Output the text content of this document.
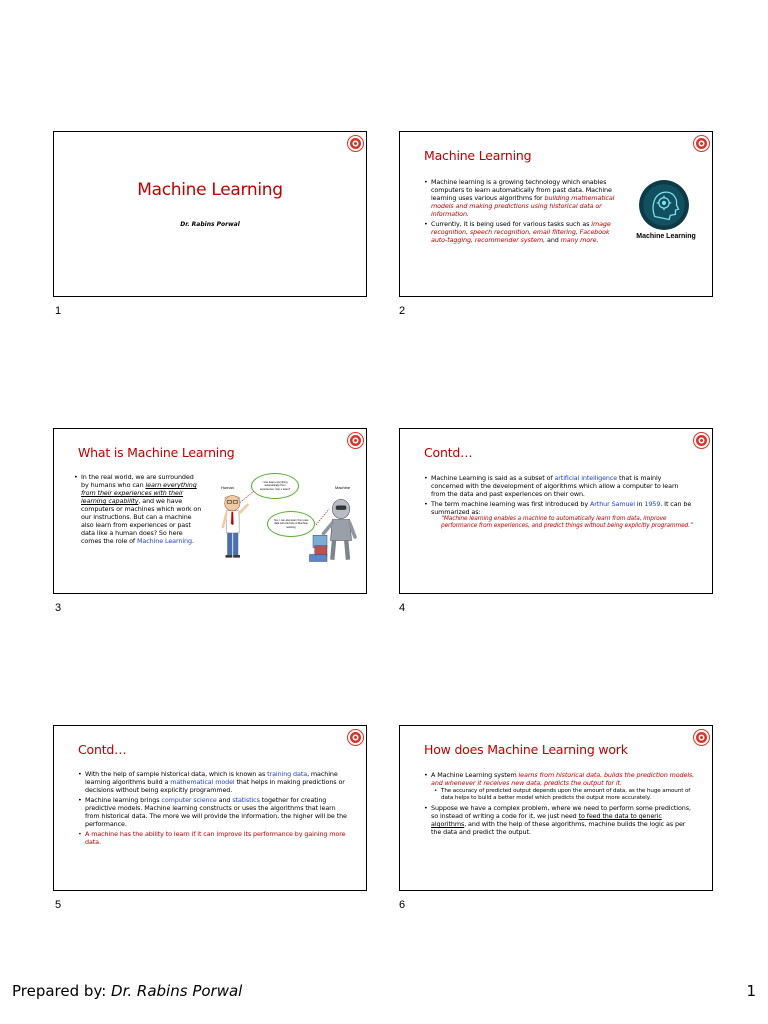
Machine Learning
Dr. Rabins Porwal
1
Machine Learning
• Machine learning is a growing technology which enables computers to learn automatically from past data. Machine learning uses various algorithms for building mathematical models and making predictions using historical data or information.
• Currently, it is being used for various tasks such as image recognition, speech recognition, email filtering, Facebook auto-tagging, recommender system, and many more.	Machine Learning
2
What is Machine Learning
• In the real world, we are surrounded by humans who can learn everything from their experiences with their learning capability, and we have computers or machines which work on our instructions. But can a machine also learn from experiences or past data like a human does? So here comes the role of Machine Learning.
Human	Machine
I can learn everything automatically from experiences. Can u learn?
Yes, I can also learn from past data with the help of Machine learning
3
Contd…
• Machine Learning is said as a subset of artificial intelligence that is mainly concerned with the development of algorithms which allow a computer to learn from the data and past experiences on their own.
• The term machine learning was first introduced by Arthur Samuel in 1959. It can be summarized as:
“Machine learning enables a machine to automatically learn from data, improve performance from experiences, and predict things without being explicitly programmed.”
4
Contd…
• With the help of sample historical data, which is known as training data, machine learning algorithms build a mathematical model that helps in making predictions or decisions without being explicitly programmed.
• Machine learning brings computer science and statistics together for creating predictive models. Machine learning constructs or uses the algorithms that learn from historical data. The more we will provide the information, the higher will be the performance.
• A machine has the ability to learn if it can improve its performance by gaining more data.
5
How does Machine Learning work
• A Machine Learning system learns from historical data, builds the prediction models, and whenever it receives new data, predicts the output for it.
• The accuracy of predicted output depends upon the amount of data, as the huge amount of data helps to build a better model which predicts the output more accurately.
• Suppose we have a complex problem, where we need to perform some predictions, so instead of writing a code for it, we just need to feed the data to generic algorithms, and with the help of these algorithms, machine builds the logic as per the data and predict the output.
6
Prepared by: Dr. Rabins Porwal	1
